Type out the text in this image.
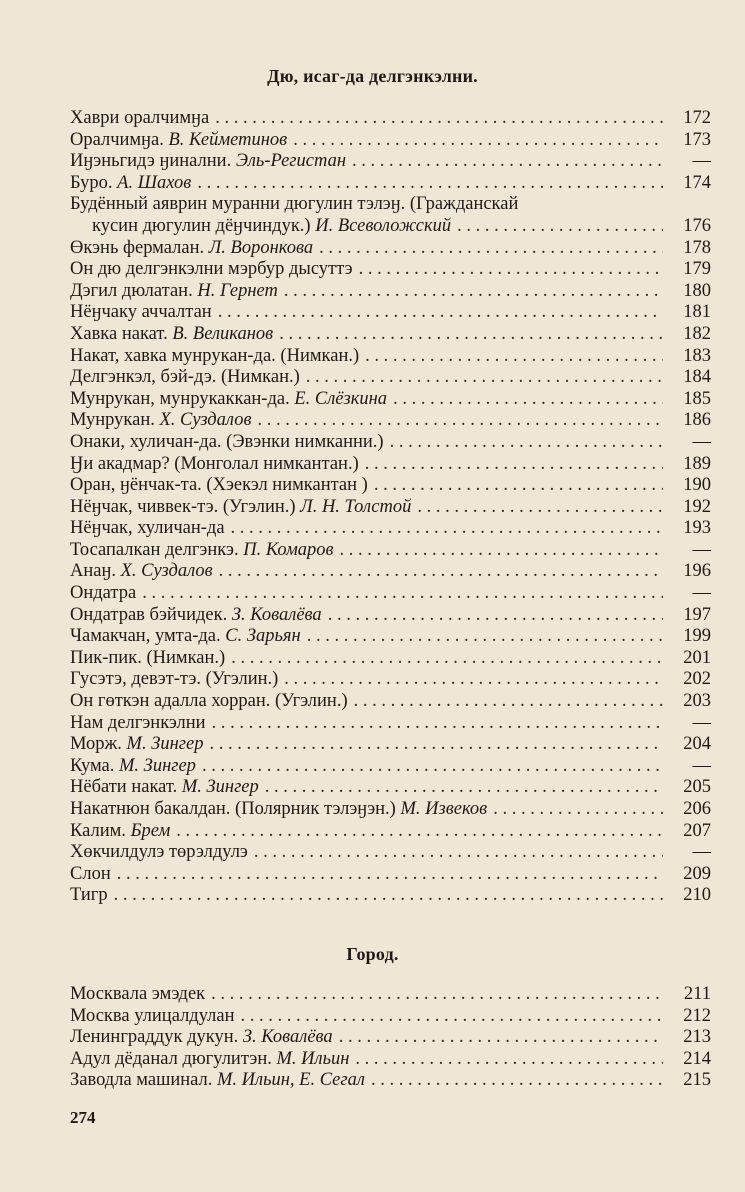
Дю, исаг-да делгэнкэлни.
Хаври оралчимӈа . . .	172
Оралчимӈа. В. Кейметинов . . .	173
Иӈэньгидэ ӈинални. Эль-Регистан . . .	—
Буро. А. Шахов . . .	174
Будённый аяврин муранни дюгулин тэлэӈ. (Гражданскай
кусин дюгулин дёӈчиндук.) И. Всеволожский . . .	176
Өкэнь фермалан. Л. Воронкова . . .	178
Он дю делгэнкэлни мэрбур дысуттэ . . .	179
Дэгил дюлатан. Н. Гернет . . .	180
Нёӈчаку аччалтан . . .	181
Хавка накат. В. Великанов . . .	182
Накат, хавка мунрукан-да. (Нимкан.) . . .	183
Делгэнкэл, бэй-дэ. (Нимкан.) . . .	184
Мунрукан, мунрукаккан-да. Е. Слёзкина . . .	185
Мунрукан. Х. Суздалов . . .	186
Онаки, хуличан-да. (Эвэнки нимканни.) . . .	—
Ӈи акадмар? (Монголал нимкантан.) . . .	189
Оран, ӈёнчак-та. (Хэекэл нимкантан ) . . .	190
Нёӈчак, чиввек-тэ. (Угэлин.) Л. Н. Толстой . . .	192
Нёӈчак, хуличан-да . . .	193
Тосапалкан делгэнкэ. П. Комаров . . .	—
Анаӈ. Х. Суздалов . . .	196
Ондатра . . .	—
Ондатрав бэйчидек. З. Ковалёва . . .	197
Чамакчан, умта-да. С. Зарьян . . .	199
Пик-пик. (Нимкан.) . . .	201
Гусэтэ, девэт-тэ. (Угэлин.) . . .	202
Он гөткэн адалла хорран. (Угэлин.) . . .	203
Нам делгэнкэлни . . .	—
Морж. М. Зингер . . .	204
Кума. М. Зингер . . .	—
Нёбати накат. М. Зингер . . .	205
Накатнюн бакалдан. (Полярник тэлэӈэн.) М. Извеков . . .	206
Калим. Брем . . .	207
Хөкчилдулэ төрэлдулэ . . .	—
Слон . . .	209
Тигр . . .	210
Город.
Москвала эмэдек . . .	211
Москва улицалдулан . . .	212
Ленинграддук дукун. З. Ковалёва . . .	213
Адул дёданал дюгулитэн. М. Ильин . . .	214
Заводла машинал. М. Ильин, Е. Сегал . . .	215
274
